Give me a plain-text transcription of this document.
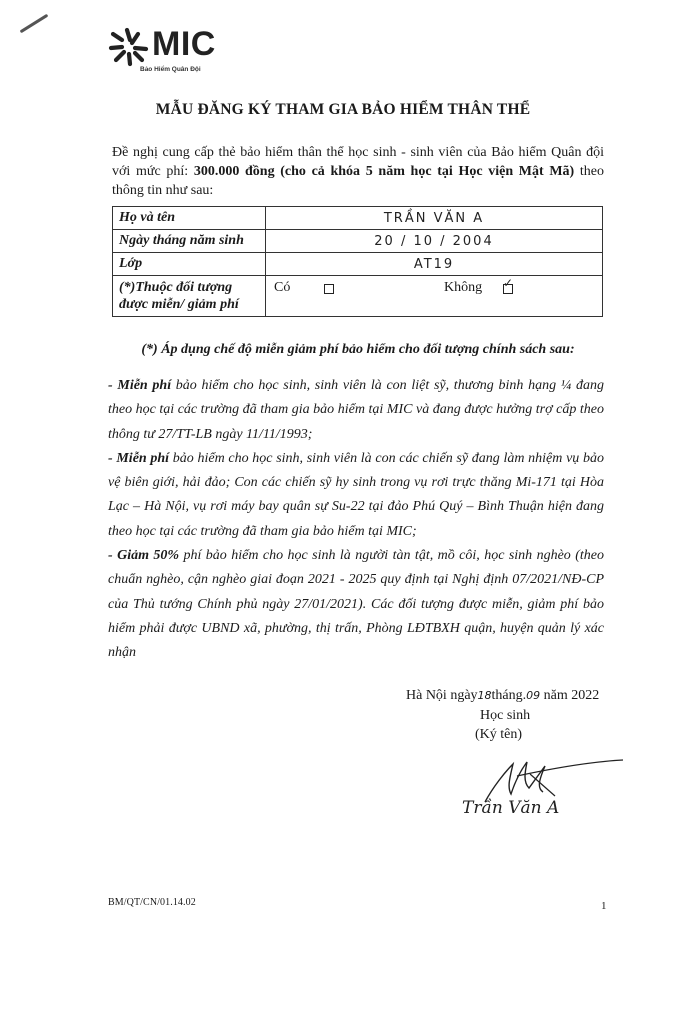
MIC
Bảo Hiểm Quân Đội
MẪU ĐĂNG KÝ THAM GIA BẢO HIỂM THÂN THỂ
Đề nghị cung cấp thẻ bảo hiểm thân thể học sinh - sinh viên của Bảo hiểm Quân đội với mức phí: 300.000 đồng (cho cả khóa 5 năm học tại Học viện Mật Mã) theo thông tin như sau:
Họ và tên	TRẦN VĂN A
Ngày tháng năm sinh	20 / 10 / 2004
Lớp	AT19
(*)Thuộc đối tượng được miễn/ giảm phí	Có Không ✓
(*) Áp dụng chế độ miễn giảm phí bảo hiểm cho đối tượng chính sách sau:

- Miễn phí bảo hiểm cho học sinh, sinh viên là con liệt sỹ, thương binh hạng ¼ đang theo học tại các trường đã tham gia bảo hiểm tại MIC và đang được hưởng trợ cấp theo thông tư 27/TT-LB ngày 11/11/1993;

- Miễn phí bảo hiểm cho học sinh, sinh viên là con các chiến sỹ đang làm nhiệm vụ bảo vệ biên giới, hải đảo; Con các chiến sỹ hy sinh trong vụ rơi trực thăng Mi-171 tại Hòa Lạc – Hà Nội, vụ rơi máy bay quân sự Su-22 tại đảo Phú Quý – Bình Thuận hiện đang theo học tại các trường đã tham gia bảo hiểm tại MIC;

- Giảm 50% phí bảo hiểm cho học sinh là người tàn tật, mồ côi, học sinh nghèo (theo chuẩn nghèo, cận nghèo giai đoạn 2021 - 2025 quy định tại Nghị định 07/2021/NĐ-CP của Thủ tướng Chính phủ ngày 27/01/2021). Các đối tượng được miễn, giảm phí bảo hiểm phải được UBND xã, phường, thị trấn, Phòng LĐTBXH quận, huyện quản lý xác nhận

Hà Nội ngày18tháng.09 năm 2022
Học sinh
(Ký tên)
Trần Văn A
BM/QT/CN/01.14.02	1
